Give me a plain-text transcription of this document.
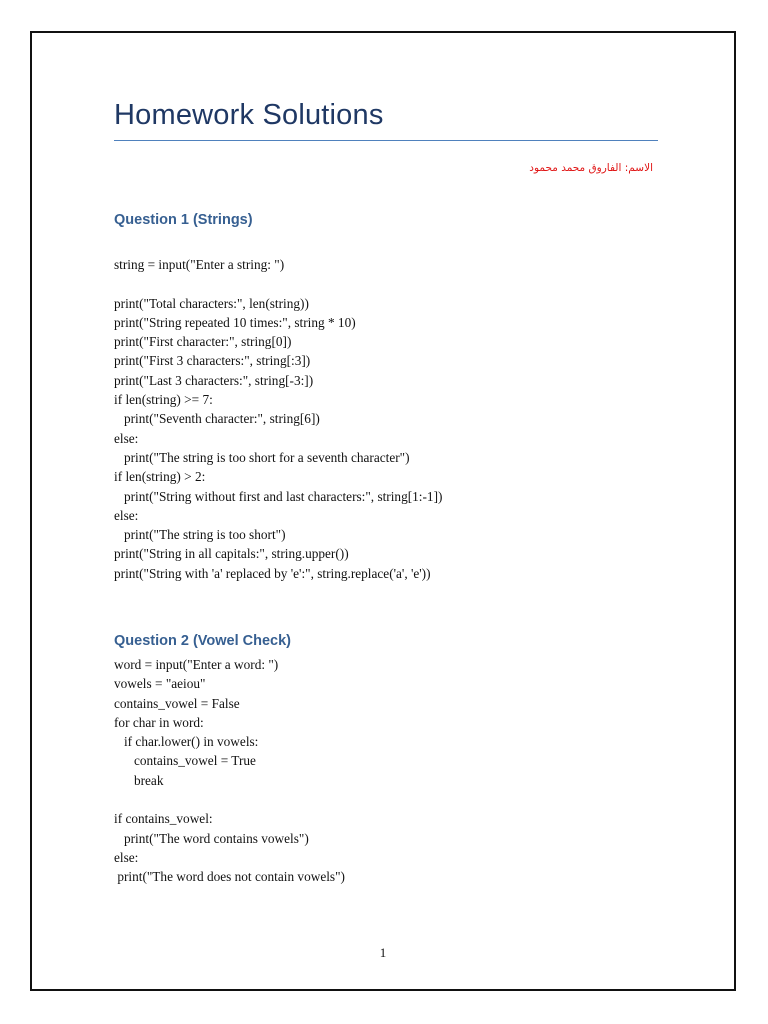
Homework Solutions
الاسم: الفاروق محمد محمود
Question 1 (Strings)
string = input("Enter a string: ")
print("Total characters:", len(string))
print("String repeated 10 times:", string * 10)
print("First character:", string[0])
print("First 3 characters:", string[:3])
print("Last 3 characters:", string[-3:])
if len(string) >= 7:
print("Seventh character:", string[6])
else:
print("The string is too short for a seventh character")
if len(string) > 2:
print("String without first and last characters:", string[1:-1])
else:
print("The string is too short")
print("String in all capitals:", string.upper())
print("String with 'a' replaced by 'e':", string.replace('a', 'e'))
Question 2 (Vowel Check)
word = input("Enter a word: ")
vowels = "aeiou"
contains_vowel = False
for char in word:
if char.lower() in vowels:
contains_vowel = True
break
if contains_vowel:
print("The word contains vowels")
else:
print("The word does not contain vowels")
1
